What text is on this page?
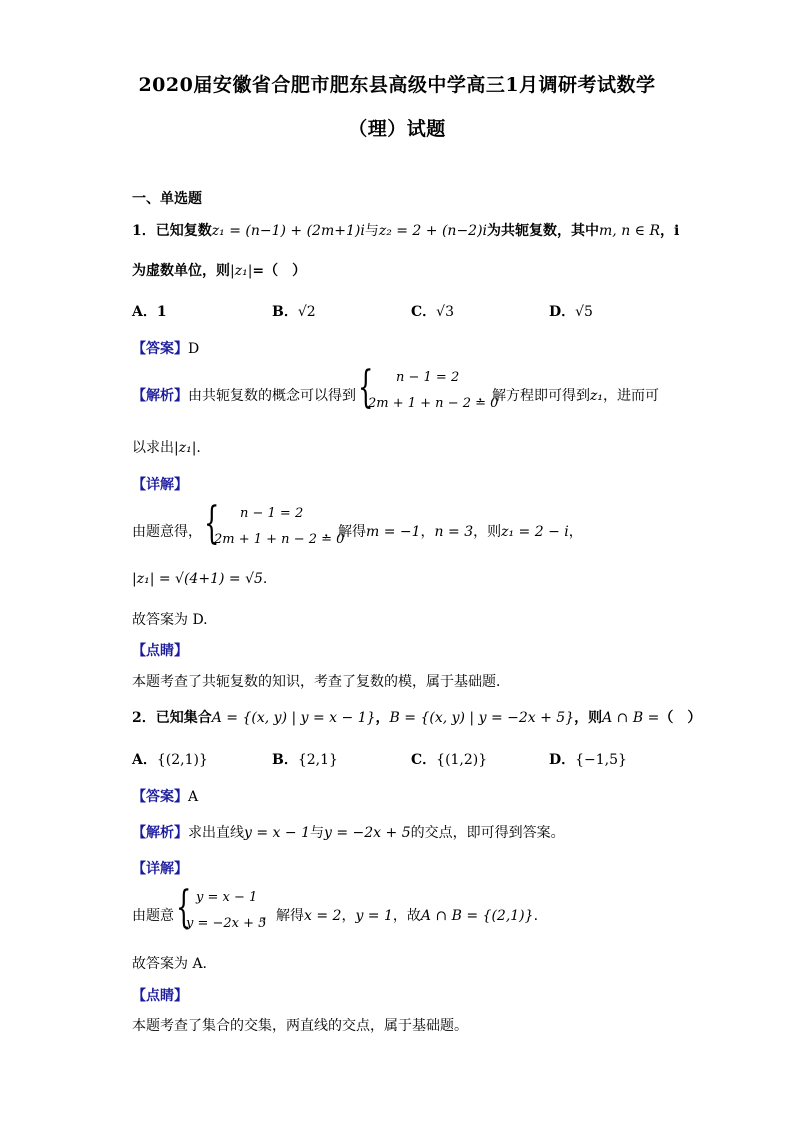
2020届安徽省合肥市肥东县高级中学高三1月调研考试数学
（理）试题
一、单选题
1．已知复数z₁ = (n−1) + (2m+1)i与z₂ = 2 + (n−2)i为共轭复数，其中m, n ∈ R，i
为虚数单位，则|z₁|=（　）
A．1	B．√2	C．√3	D．√5
【答案】D
【解析】由共轭复数的概念可以得到 { n − 1 = 2
2m + 1 + n − 2 = 0
，解方程即可得到z₁，进而可
以求出|z₁|.
【详解】
由题意得， { n − 1 = 2
2m + 1 + n − 2 = 0
，解得m = −1，n = 3，则z₁ = 2 − i，
|z₁| = √(4+1) = √5.
故答案为 D.
【点睛】
本题考查了共轭复数的知识，考查了复数的模，属于基础题．
2．已知集合A = {(x, y) | y = x − 1}，B = {(x, y) | y = −2x + 5}，则A ∩ B =（　）
A．{(2,1)}	B．{2,1}	C．{(1,2)}	D．{−1,5}
【答案】A
【解析】求出直线y = x − 1与y = −2x + 5的交点，即可得到答案。
【详解】
由题意 { y = x − 1
y = −2x + 5
，解得x = 2，y = 1，故A ∩ B = {(2,1)}.
故答案为 A.
【点睛】
本题考查了集合的交集，两直线的交点，属于基础题。
